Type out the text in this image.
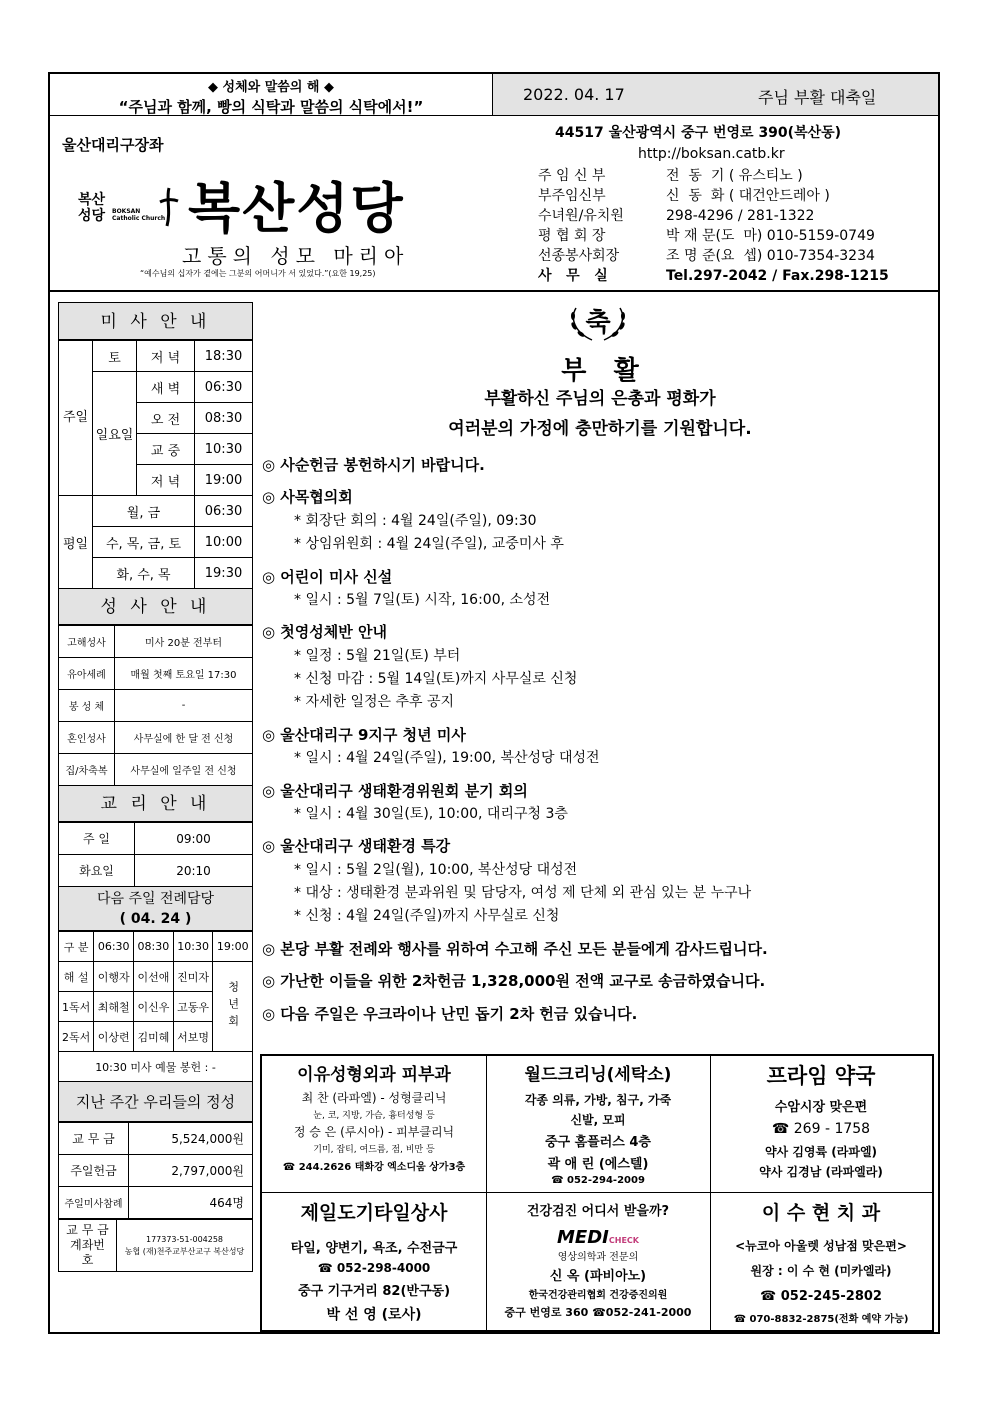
◆ 성체와 말씀의 해 ◆
“주님과 함께, 빵의 식탁과 말씀의 식탁에서!”
2022. 04. 17	주님 부활 대축일
울산대리구장좌
복산
성당 BOKSAN
Catholic Church 복산성당
고통의 성모 마리아
“예수님의 십자가 곁에는 그분의 어머니가 서 있었다.”(요한 19,25)
44517 울산광역시 중구 번영로 390(복산동)
http://boksan.catb.kr
주 임 신 부	전  동  기 ( 유스티노 )
부주임신부	신  동  화 ( 대건안드레아 )
수녀원/유치원	298-4296 / 281-1322
평 협 회 장	박 재 문(도  마) 010-5159-0749
선종봉사회장	조 명 준(요  셉) 010-7354-3234
사   무   실	Tel.297-2042 / Fax.298-1215
미 사 안 내
주일	토	저 녁	18:30
	일요일	새 벽	06:30
		오 전	08:30
		교 중	10:30
		저 녁	19:00
평일	월, 금		06:30
	수, 목, 금, 토		10:00
	화, 수, 목		19:30
성 사 안 내
고해성사	미사 20분 전부터
유아세례	매월 첫째 토요일 17:30
봉 성 체	-
혼인성사	사무실에 한 달 전 신청
집/차축복	사무실에 일주일 전 신청
교 리 안 내
주 일	09:00
화요일	20:10
다음 주일 전례담당
( 04. 24 )
구 분	06:30	08:30	10:30	19:00
해 설	이행자	이선애	진미자	청년회

1독서	최해철	이신우	고동우	
2독서	이상련	김미혜	서보명	
10:30 미사 예물 봉헌 : -				
지난 주간 우리들의 정성
교 무 금	5,524,000원
주일헌금	2,797,000원
주일미사참례	464명
교 무 금 계좌번호	
177373-51-004258
농협 (재)천주교부산교구 복산성당
축
부   활
부활하신 주님의 은총과 평화가
여러분의 가정에 충만하기를 기원합니다.
◎ 사순헌금 봉헌하시기 바랍니다.
◎ 사목협의회
* 회장단 회의 : 4월 24일(주일), 09:30
* 상임위원회 : 4월 24일(주일), 교중미사 후
◎ 어린이 미사 신설
* 일시 : 5월 7일(토) 시작, 16:00, 소성전
◎ 첫영성체반 안내
* 일정 : 5월 21일(토) 부터
* 신청 마감 : 5월 14일(토)까지 사무실로 신청
* 자세한 일정은 추후 공지
◎ 울산대리구 9지구 청년 미사
* 일시 : 4월 24일(주일), 19:00, 복산성당 대성전
◎ 울산대리구 생태환경위원회 분기 회의
* 일시 : 4월 30일(토), 10:00, 대리구청 3층
◎ 울산대리구 생태환경 특강
* 일시 : 5월 2일(월), 10:00, 복산성당 대성전
* 대상 : 생태환경 분과위원 및 담당자, 여성 제 단체 외 관심 있는 분 누구나
* 신청 : 4월 24일(주일)까지 사무실로 신청
◎ 본당 부활 전례와 행사를 위하여 수고해 주신 모든 분들에게 감사드립니다.
◎ 가난한 이들을 위한 2차헌금 1,328,000원 전액 교구로 송금하였습니다.
◎ 다음 주일은 우크라이나 난민 돕기 2차 헌금 있습니다.
이유성형외과 피부과
최 찬 (라파엘) - 성형클리닉
눈, 코, 지방, 가슴, 흉터성형 등
정 승 은 (루시아) - 피부클리닉
기미, 잡티, 여드름, 점, 비만 등
☎ 244.2626 태화강 엑소디움 상가3층
월드크리닝(세탁소)
각종 의류, 가방, 침구, 가죽
신발, 모피
중구 홈플러스 4층
곽 애 린 (에스텔)
☎ 052-294-2009
프라임 약국
수암시장 맞은편
☎ 269 - 1758
약사 김영륙 (라파엘)
약사 김경남 (라파엘라)
제일도기타일상사
타일, 양변기, 욕조, 수전금구
☎ 052-298-4000
중구 기구거리 82(반구동)
박 선 영 (로사)
건강검진 어디서 받을까?
MEDICHECK
영상의학과 전문의
신 옥 (파비아노)
한국건강관리협회 건강증진의원
중구 번영로 360 ☎052-241-2000
이 수 현 치 과
<뉴코아 아울렛 성남점 맞은편>
원장 : 이 수 현 (미카엘라)
☎ 052-245-2802
☎ 070-8832-2875(전화 예약 가능)
